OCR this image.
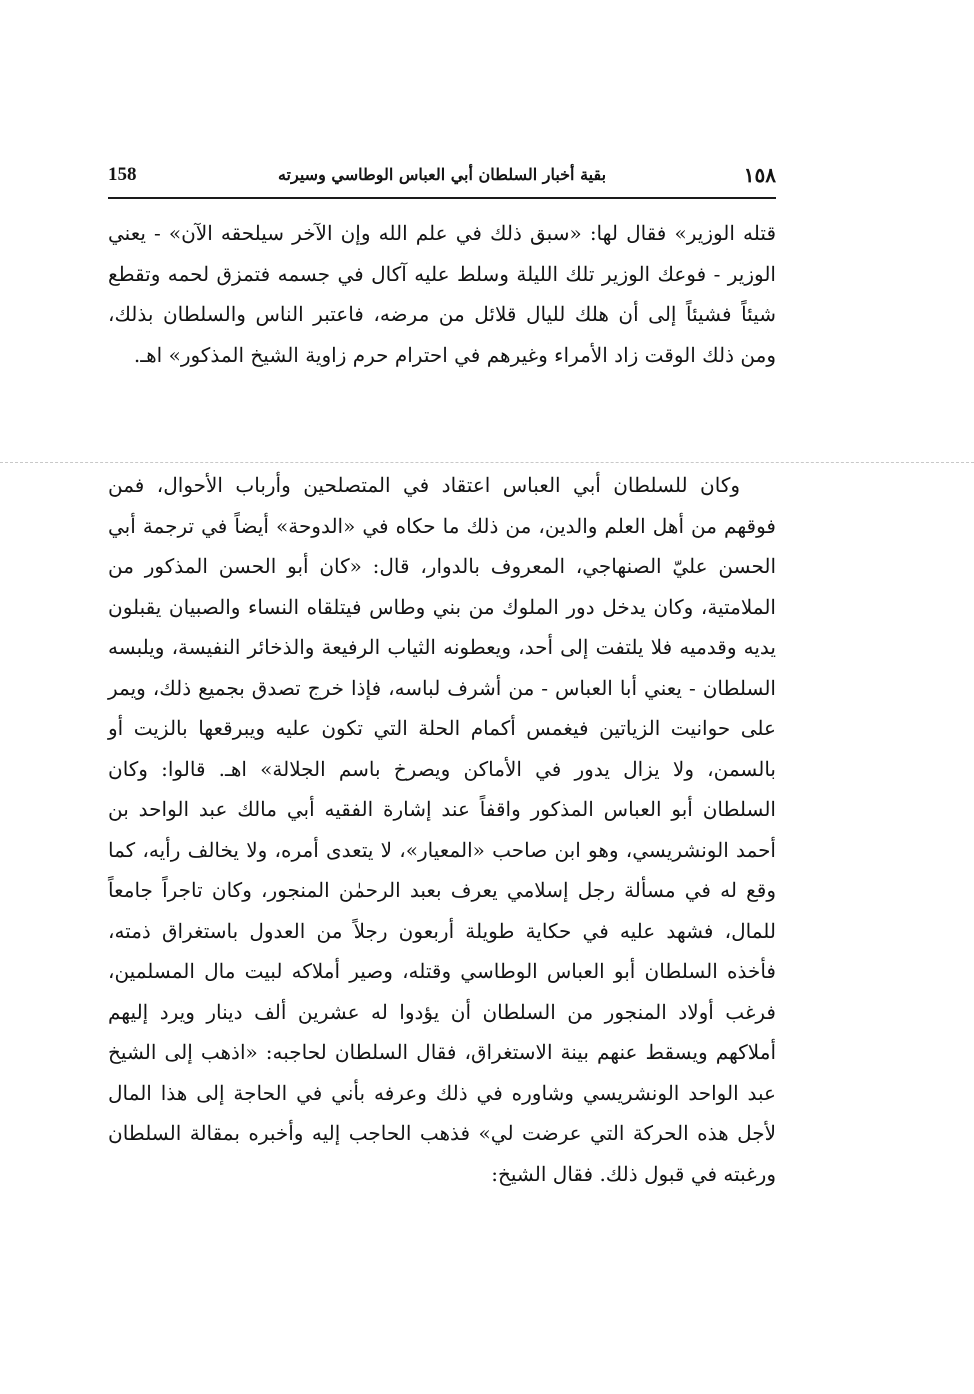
158	بقية أخبار السلطان أبي العباس الوطاسي وسيرته	١٥٨

قتله الوزير» فقال لها: «سبق ذلك في علم الله وإن الآخر سيلحقه الآن» - يعني الوزير - فوعك الوزير تلك الليلة وسلط عليه آكال في جسمه فتمزق لحمه وتقطع شيئاً فشيئاً إلى أن هلك لليال قلائل من مرضه، فاعتبر الناس والسلطان بذلك، ومن ذلك الوقت زاد الأمراء وغيرهم في احترام حرم زاوية الشيخ المذكور» اهـ.

وكان للسلطان أبي العباس اعتقاد في المتصلحين وأرباب الأحوال، فمن فوقهم من أهل العلم والدين، من ذلك ما حكاه في «الدوحة» أيضاً في ترجمة أبي الحسن عليّ الصنهاجي، المعروف بالدوار، قال: «كان أبو الحسن المذكور من الملامتية، وكان يدخل دور الملوك من بني وطاس فيتلقاه النساء والصبيان يقبلون يديه وقدميه فلا يلتفت إلى أحد، ويعطونه الثياب الرفيعة والذخائر النفيسة، ويلبسه السلطان - يعني أبا العباس - من أشرف لباسه، فإذا خرج تصدق بجميع ذلك، ويمر على حوانيت الزياتين فيغمس أكمام الحلة التي تكون عليه ويبرقعها بالزيت أو بالسمن، ولا يزال يدور في الأماكن ويصرخ باسم الجلالة» اهـ. قالوا: وكان السلطان أبو العباس المذكور واقفاً عند إشارة الفقيه أبي مالك عبد الواحد بن أحمد الونشريسي، وهو ابن صاحب «المعيار»، لا يتعدى أمره، ولا يخالف رأيه، كما وقع له في مسألة رجل إسلامي يعرف بعبد الرحمٰن المنجور، وكان تاجراً جامعاً للمال، فشهد عليه في حكاية طويلة أربعون رجلاً من العدول باستغراق ذمته، فأخذه السلطان أبو العباس الوطاسي وقتله، وصير أملاكه لبيت مال المسلمين، فرغب أولاد المنجور من السلطان أن يؤدوا له عشرين ألف دينار ويرد إليهم أملاكهم ويسقط عنهم بينة الاستغراق، فقال السلطان لحاجبه: «اذهب إلى الشيخ عبد الواحد الونشريسي وشاوره في ذلك وعرفه بأني في الحاجة إلى هذا المال لأجل هذه الحركة التي عرضت لي» فذهب الحاجب إليه وأخبره بمقالة السلطان ورغبته في قبول ذلك. فقال الشيخ:
